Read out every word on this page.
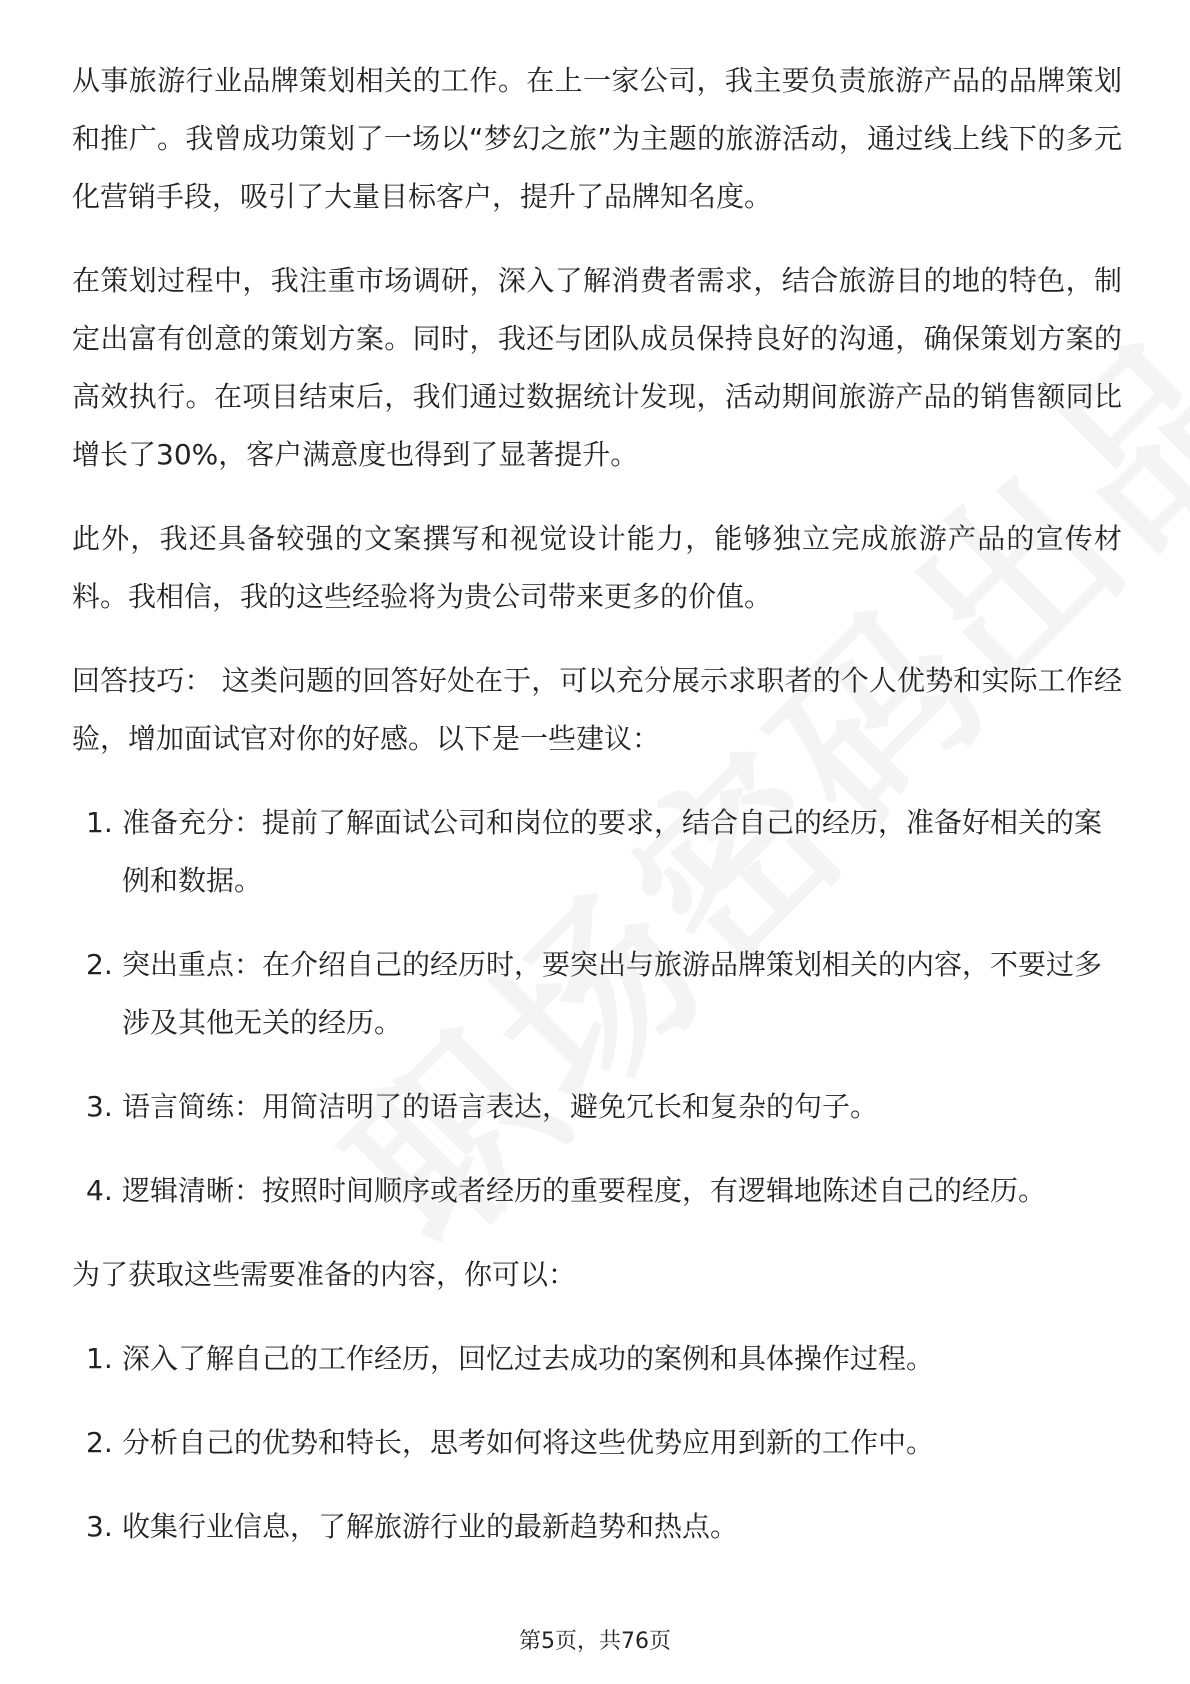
从事旅游行业品牌策划相关的工作。在上一家公司，我主要负责旅游产品的品牌策划和推广。我曾成功策划了一场以“梦幻之旅”为主题的旅游活动，通过线上线下的多元化营销手段，吸引了大量目标客户，提升了品牌知名度。

在策划过程中，我注重市场调研，深入了解消费者需求，结合旅游目的地的特色，制定出富有创意的策划方案。同时，我还与团队成员保持良好的沟通，确保策划方案的高效执行。在项目结束后，我们通过数据统计发现，活动期间旅游产品的销售额同比增长了30%，客户满意度也得到了显著提升。

此外，我还具备较强的文案撰写和视觉设计能力，能够独立完成旅游产品的宣传材料。我相信，我的这些经验将为贵公司带来更多的价值。

回答技巧： 这类问题的回答好处在于，可以充分展示求职者的个人优势和实际工作经验，增加面试官对你的好感。以下是一些建议：

1. 准备充分：提前了解面试公司和岗位的要求，结合自己的经历，准备好相关的案例和数据。
2. 突出重点：在介绍自己的经历时，要突出与旅游品牌策划相关的内容，不要过多涉及其他无关的经历。
3. 语言简练：用简洁明了的语言表达，避免冗长和复杂的句子。
4. 逻辑清晰：按照时间顺序或者经历的重要程度，有逻辑地陈述自己的经历。

为了获取这些需要准备的内容，你可以：

1. 深入了解自己的工作经历，回忆过去成功的案例和具体操作过程。
2. 分析自己的优势和特长，思考如何将这些优势应用到新的工作中。
3. 收集行业信息，了解旅游行业的最新趋势和热点。
第5页，共76页
